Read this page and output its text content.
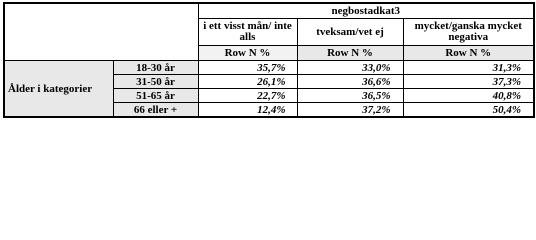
		negbostadkat3		
		i ett visst mån/ inte alls	tveksam/vet ej	mycket/ganska mycket negativa
		Row N %	Row N %	Row N %
Ålder i kategorier	18-30 år	35,7%	33,0%	31,3%
	31-50 år	26,1%	36,6%	37,3%
	51-65 år	22,7%	36,5%	40,8%
	66 eller +	12,4%	37,2%	50,4%
